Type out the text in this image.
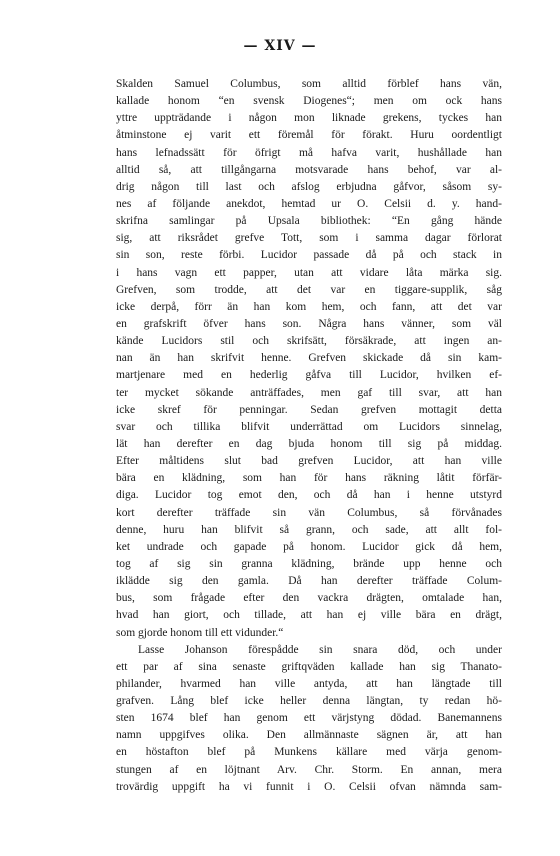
— XIV —
Skalden Samuel Columbus, som alltid förblef hans vän,
kallade honom “en svensk Diogenes“; men om ock hans
yttre uppträdande i någon mon liknade grekens, tyckes han
åtminstone ej varit ett föremål för förakt. Huru oordentligt
hans lefnadssätt för öfrigt må hafva varit, hushållade han
alltid så, att tillgångarna motsvarade hans behof, var al-
drig någon till last och afslog erbjudna gåfvor, såsom sy-
nes af följande anekdot, hemtad ur O. Celsii d. y. hand-
skrifna samlingar på Upsala bibliothek: “En gång hände
sig, att riksrådet grefve Tott, som i samma dagar förlorat
sin son, reste förbi. Lucidor passade då på och stack in
i hans vagn ett papper, utan att vidare låta märka sig.
Grefven, som trodde, att det var en tiggare-supplik, såg
icke derpå, förr än han kom hem, och fann, att det var
en grafskrift öfver hans son. Några hans vänner, som väl
kände Lucidors stil och skrifsätt, försäkrade, att ingen an-
nan än han skrifvit henne. Grefven skickade då sin kam-
martjenare med en hederlig gåfva till Lucidor, hvilken ef-
ter mycket sökande anträffades, men gaf till svar, att han
icke skref för penningar. Sedan grefven mottagit detta
svar och tillika blifvit underrättad om Lucidors sinnelag,
lät han derefter en dag bjuda honom till sig på middag.
Efter måltidens slut bad grefven Lucidor, att han ville
bära en klädning, som han för hans räkning låtit förfär-
diga. Lucidor tog emot den, och då han i henne utstyrd
kort derefter träffade sin vän Columbus, så förvånades
denne, huru han blifvit så grann, och sade, att allt fol-
ket undrade och gapade på honom. Lucidor gick då hem,
tog af sig sin granna klädning, brände upp henne och
ikläddе sig den gamla. Då han derefter träffade Colum-
bus, som frågade efter den vackra drägten, omtalade han,
hvad han giort, och tillade, att han ej ville bära en drägt,
som gjorde honom till ett vidunder.“
Lasse Johanson förespådde sin snara död, och under
ett par af sina senaste griftqväden kallade han sig Thanato-
philander, hvarmed han ville antyda, att han längtade till
grafven. Lång blef icke heller denna längtan, ty redan hö-
sten 1674 blef han genom ett värjstyng dödad. Banemannens
namn uppgifves olika. Den allmännaste sägnen är, att han
en höstafton blef på Munkens källare med värja genom-
stungen af en löjtnant Arv. Chr. Storm. En annan, mera
trovärdig uppgift ha vi funnit i O. Celsii ofvan nämnda sam-
